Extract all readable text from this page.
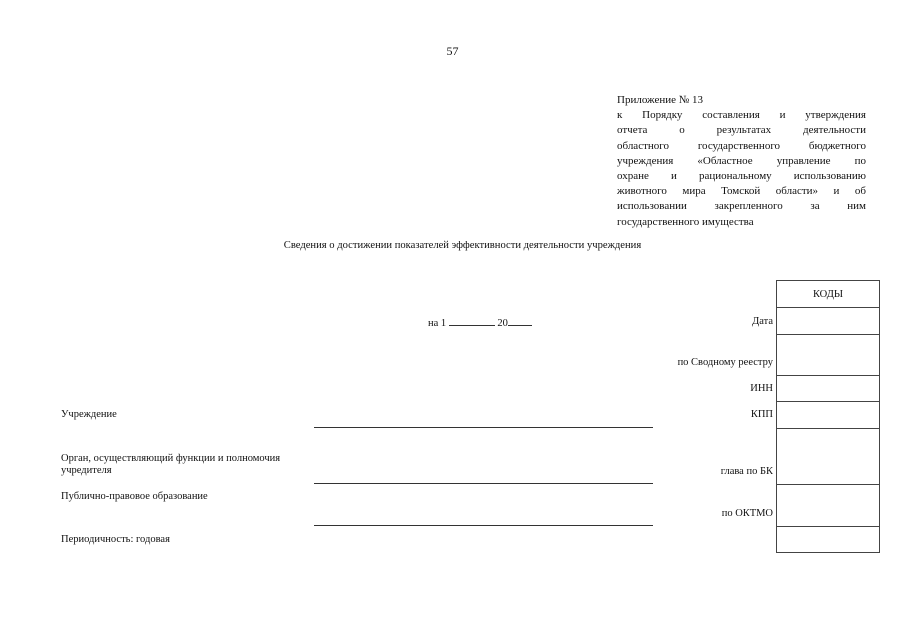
57
Приложение № 13
к Порядку составления и утверждения
отчета о результатах деятельности
областного государственного бюджетного
учреждения «Областное управление по
охране и рациональному использованию
животного мира Томской области» и об
использовании закрепленного за ним
государственного имущества
Сведения о достижении показателей эффективности деятельности учреждения
на 1	20
КОДЫ

Дата
по Сводному реестру
ИНН
КПП
глава по БК
по ОКТМО
Учреждение
Орган, осуществляющий функции и полномочия
учредителя
Публично-правовое образование
Периодичность: годовая
